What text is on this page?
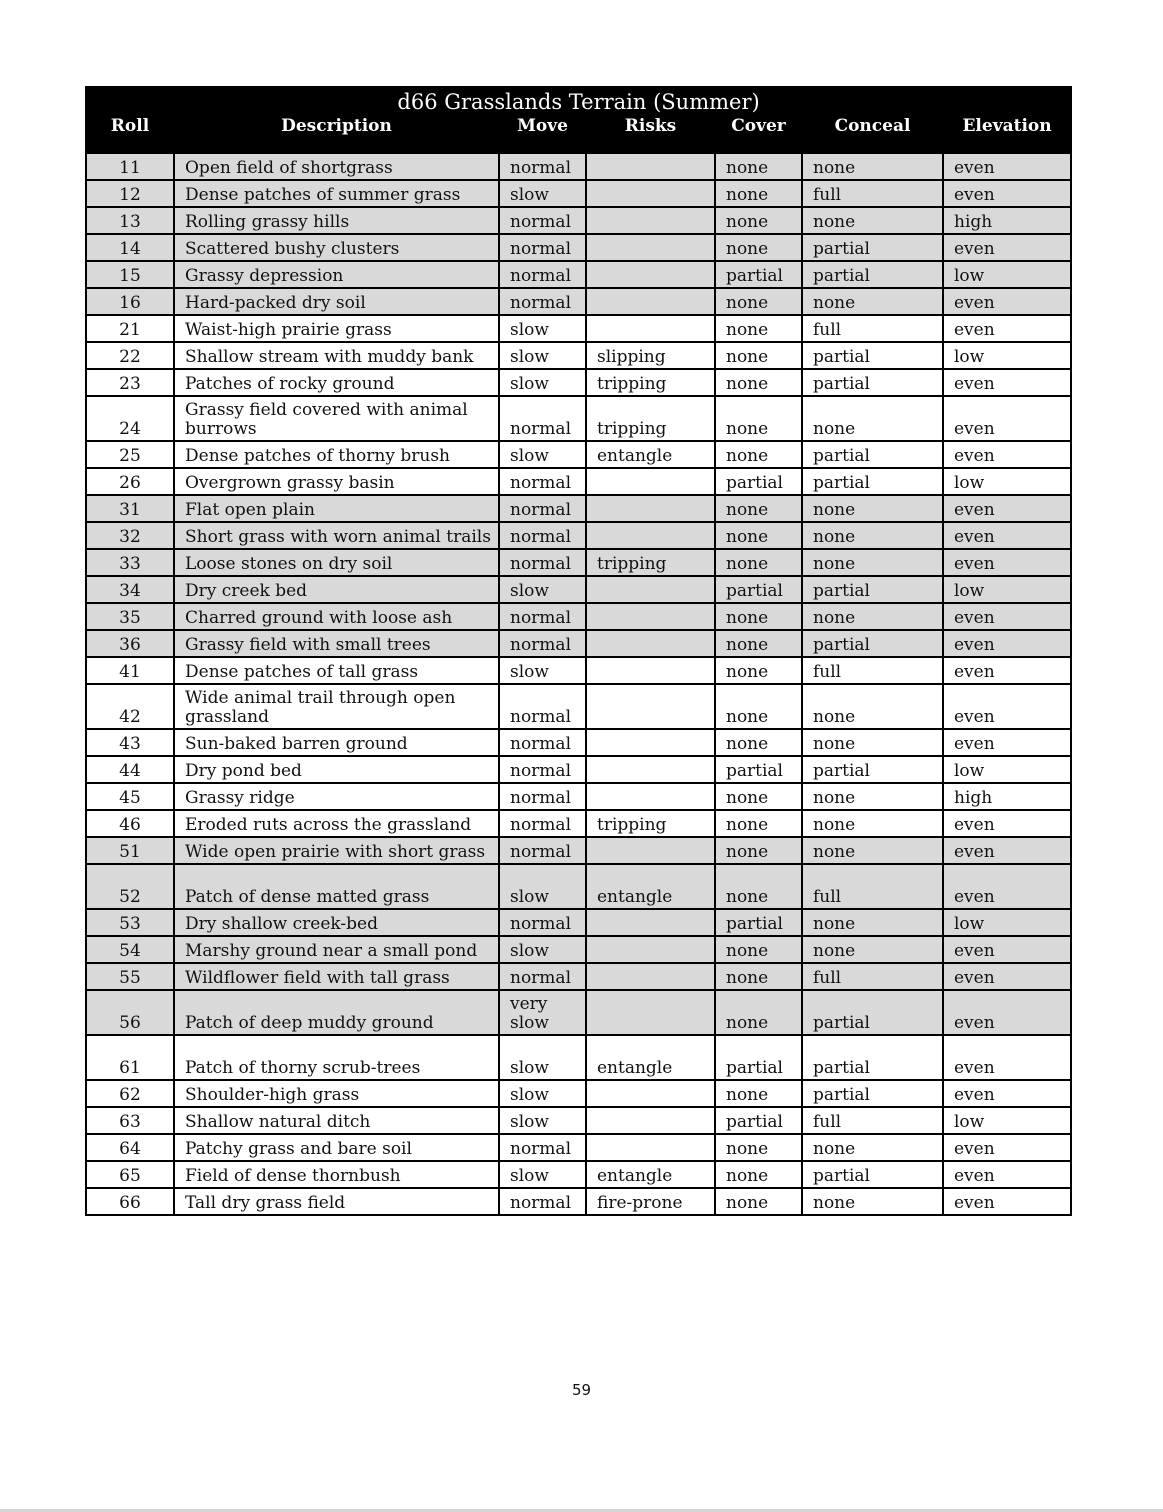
d66 Grasslands Terrain (Summer)						
Roll	Description	Move	Risks	Cover	Conceal	Elevation
11	Open field of shortgrass	normal		none	none	even
12	Dense patches of summer grass	slow		none	full	even
13	Rolling grassy hills	normal		none	none	high
14	Scattered bushy clusters	normal		none	partial	even
15	Grassy depression	normal		partial	partial	low
16	Hard-packed dry soil	normal		none	none	even
21	Waist-high prairie grass	slow		none	full	even
22	Shallow stream with muddy bank	slow	slipping	none	partial	low
23	Patches of rocky ground	slow	tripping	none	partial	even
24	Grassy field covered with animal burrows	normal	tripping	none	none	even
25	Dense patches of thorny brush	slow	entangle	none	partial	even
26	Overgrown grassy basin	normal		partial	partial	low
31	Flat open plain	normal		none	none	even
32	Short grass with worn animal trails	normal		none	none	even
33	Loose stones on dry soil	normal	tripping	none	none	even
34	Dry creek bed	slow		partial	partial	low
35	Charred ground with loose ash	normal		none	none	even
36	Grassy field with small trees	normal		none	partial	even
41	Dense patches of tall grass	slow		none	full	even
42	Wide animal trail through open grassland	normal		none	none	even
43	Sun-baked barren ground	normal		none	none	even
44	Dry pond bed	normal		partial	partial	low
45	Grassy ridge	normal		none	none	high
46	Eroded ruts across the grassland	normal	tripping	none	none	even
51	Wide open prairie with short grass	normal		none	none	even
52	Patch of dense matted grass	slow	entangle	none	full	even
53	Dry shallow creek-bed	normal		partial	none	low
54	Marshy ground near a small pond	slow		none	none	even
55	Wildflower field with tall grass	normal		none	full	even
56	Patch of deep muddy ground	very slow		none	partial	even
61	Patch of thorny scrub-trees	slow	entangle	partial	partial	even
62	Shoulder-high grass	slow		none	partial	even
63	Shallow natural ditch	slow		partial	full	low
64	Patchy grass and bare soil	normal		none	none	even
65	Field of dense thornbush	slow	entangle	none	partial	even
66	Tall dry grass field	normal	fire-prone	none	none	even
59
